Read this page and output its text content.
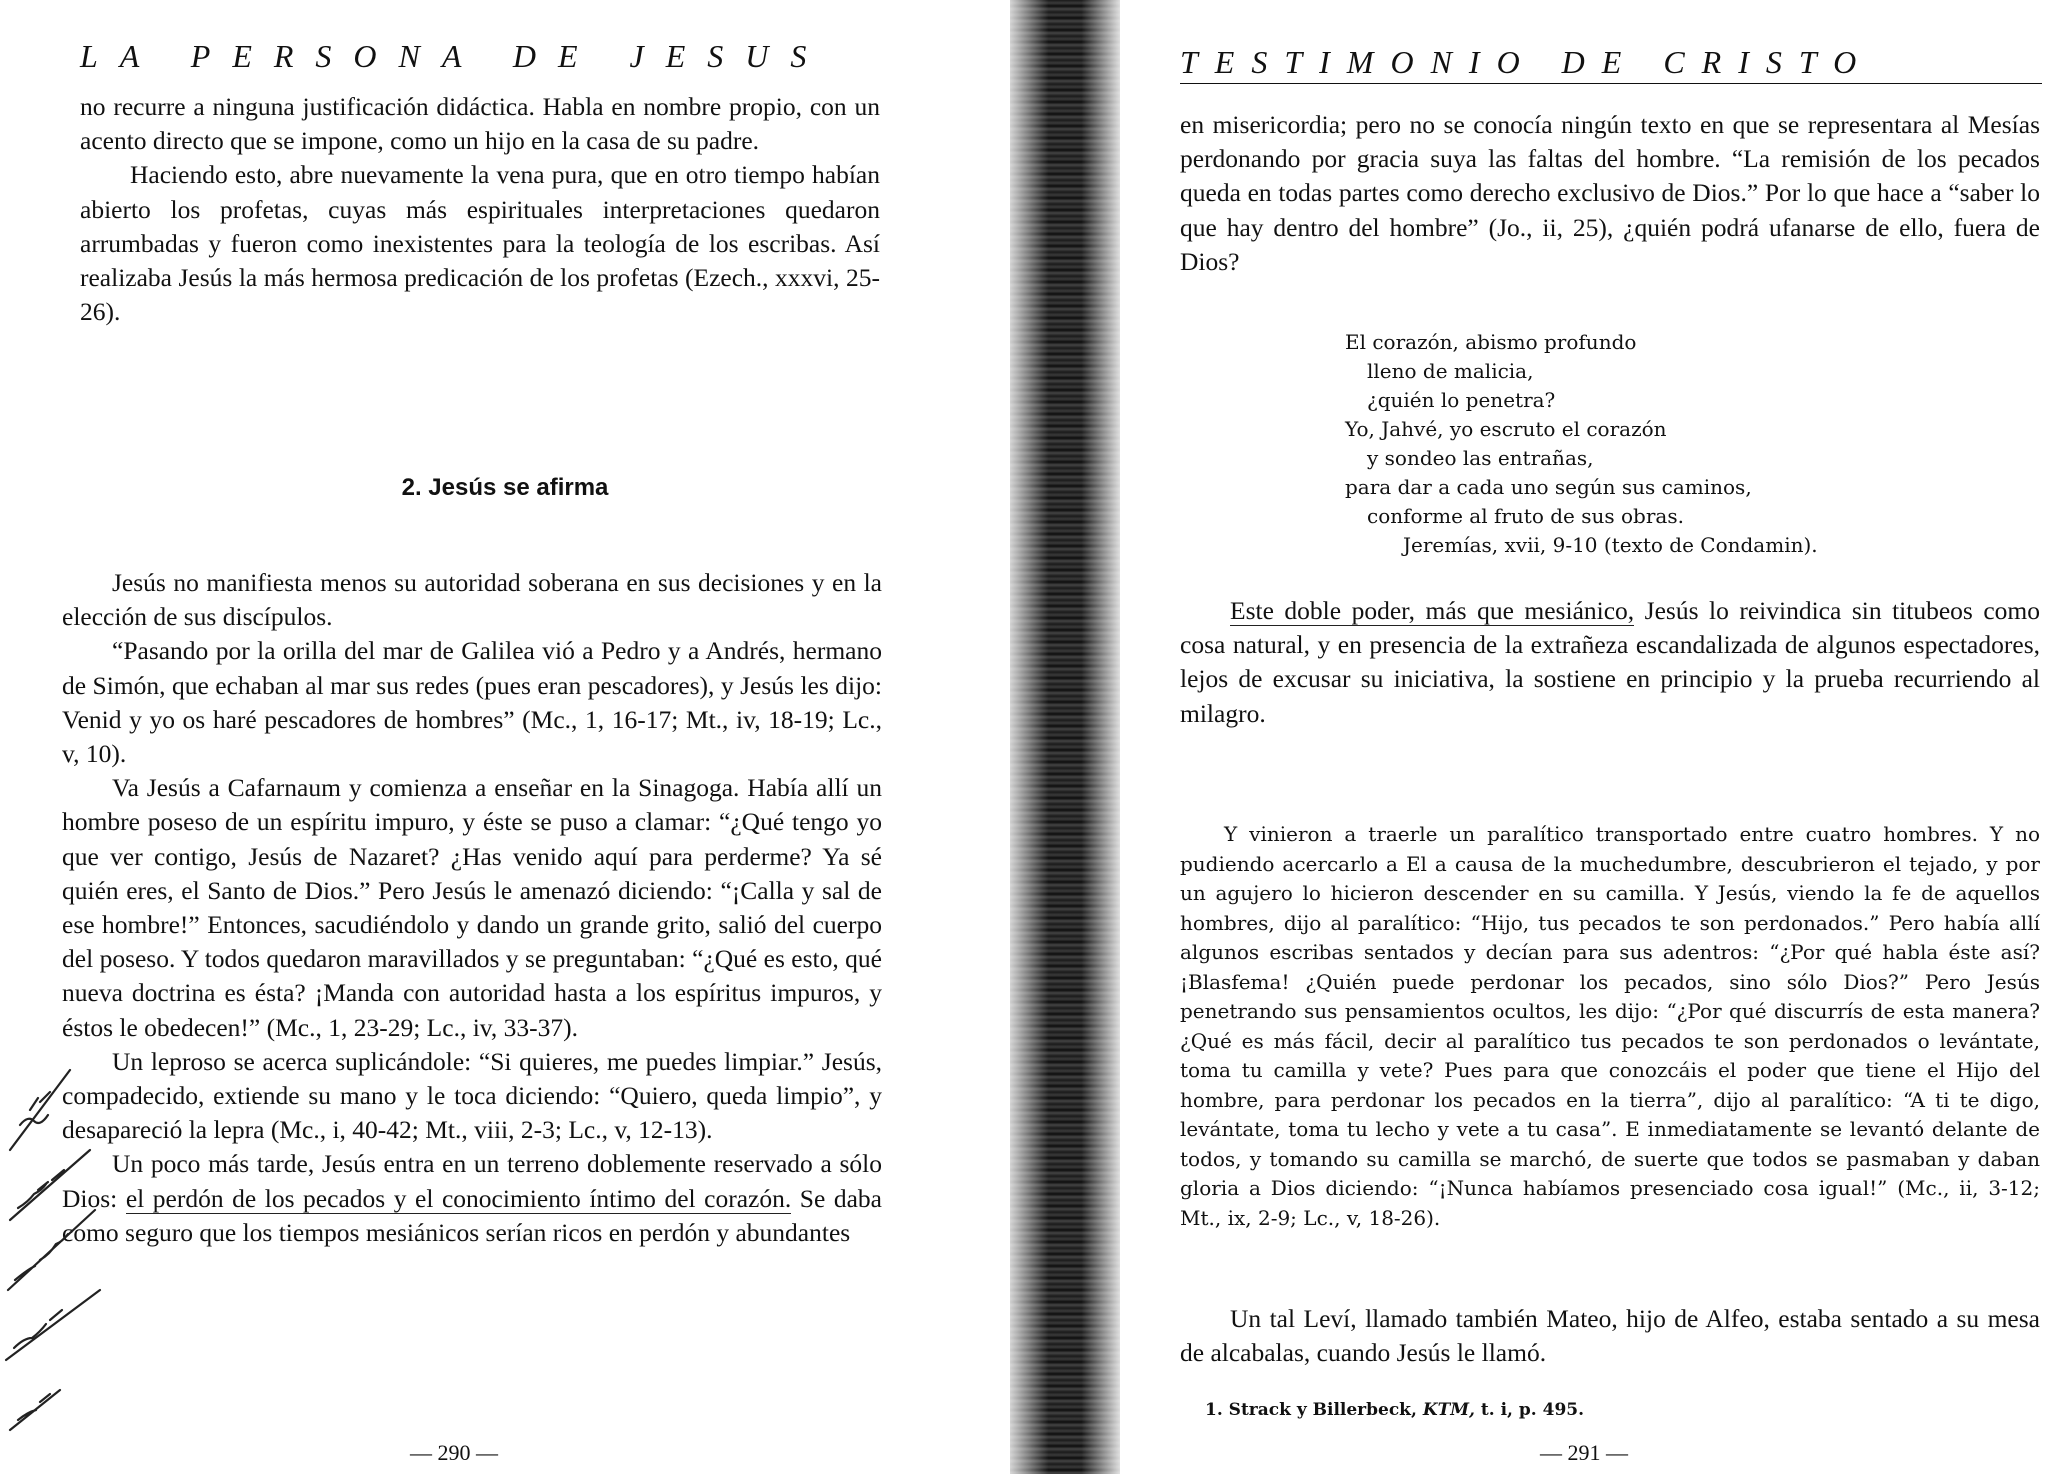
LA PERSONA DE JESUS

no recurre a ninguna justificación didáctica. Habla en nombre propio, con un acento directo que se impone, como un hijo en la casa de su padre.

Haciendo esto, abre nuevamente la vena pura, que en otro tiempo habían abierto los profetas, cuyas más espirituales interpretaciones quedaron arrumbadas y fueron como inexistentes para la teología de los escribas. Así realizaba Jesús la más hermosa predicación de los profetas (Ezech., xxxvi, 25-26).

2. Jesús se afirma

Jesús no manifiesta menos su autoridad soberana en sus decisiones y en la elección de sus discípulos.

“Pasando por la orilla del mar de Galilea vió a Pedro y a Andrés, hermano de Simón, que echaban al mar sus redes (pues eran pescadores), y Jesús les dijo: Venid y yo os haré pescadores de hombres” (Mc., 1, 16-17; Mt., iv, 18-19; Lc., v, 10).

Va Jesús a Cafarnaum y comienza a enseñar en la Sinagoga. Había allí un hombre poseso de un espíritu impuro, y éste se puso a clamar: “¿Qué tengo yo que ver contigo, Jesús de Nazaret? ¿Has venido aquí para perderme? Ya sé quién eres, el Santo de Dios.” Pero Jesús le amenazó diciendo: “¡Calla y sal de ese hombre!” Entonces, sacudiéndolo y dando un grande grito, salió del cuerpo del poseso. Y todos quedaron maravillados y se preguntaban: “¿Qué es esto, qué nueva doctrina es ésta? ¡Manda con autoridad hasta a los espíritus impuros, y éstos le obedecen!” (Mc., 1, 23-29; Lc., iv, 33-37).

Un leproso se acerca suplicándole: “Si quieres, me puedes limpiar.” Jesús, compadecido, extiende su mano y le toca diciendo: “Quiero, queda limpio”, y desapareció la lepra (Mc., i, 40-42; Mt., viii, 2-3; Lc., v, 12-13).

Un poco más tarde, Jesús entra en un terreno doblemente reservado a sólo Dios: el perdón de los pecados y el conocimiento íntimo del corazón. Se daba como seguro que los tiempos mesiánicos serían ricos en perdón y abundantes

— 290 —
TESTIMONIO DE CRISTO

en misericordia; pero no se conocía ningún texto en que se representara al Mesías perdonando por gracia suya las faltas del hombre. “La remisión de los pecados queda en todas partes como derecho exclusivo de Dios.” Por lo que hace a “saber lo que hay dentro del hombre” (Jo., ii, 25), ¿quién podrá ufanarse de ello, fuera de Dios?

El corazón, abismo profundo
lleno de malicia,
¿quién lo penetra?
Yo, Jahvé, yo escruto el corazón
y sondeo las entrañas,
para dar a cada uno según sus caminos,
conforme al fruto de sus obras.
Jeremías, xvii, 9-10 (texto de Condamin).

Este doble poder, más que mesiánico, Jesús lo reivindica sin titubeos como cosa natural, y en presencia de la extrañeza escandalizada de algunos espectadores, lejos de excusar su iniciativa, la sostiene en principio y la prueba recurriendo al milagro.

Y vinieron a traerle un paralítico transportado entre cuatro hombres. Y no pudiendo acercarlo a El a causa de la muchedumbre, descubrieron el tejado, y por un agujero lo hicieron descender en su camilla. Y Jesús, viendo la fe de aquellos hombres, dijo al paralítico: “Hijo, tus pecados te son perdonados.” Pero había allí algunos escribas sentados y decían para sus adentros: “¿Por qué habla éste así? ¡Blasfema! ¿Quién puede perdonar los pecados, sino sólo Dios?” Pero Jesús penetrando sus pensamientos ocultos, les dijo: “¿Por qué discurrís de esta manera? ¿Qué es más fácil, decir al paralítico tus pecados te son perdonados o levántate, toma tu camilla y vete? Pues para que conozcáis el poder que tiene el Hijo del hombre, para perdonar los pecados en la tierra”, dijo al paralítico: “A ti te digo, levántate, toma tu lecho y vete a tu casa”. E inmediatamente se levantó delante de todos, y tomando su camilla se marchó, de suerte que todos se pasmaban y daban gloria a Dios diciendo: “¡Nunca habíamos presenciado cosa igual!” (Mc., ii, 3-12; Mt., ix, 2-9; Lc., v, 18-26).

Un tal Leví, llamado también Mateo, hijo de Alfeo, estaba sentado a su mesa de alcabalas, cuando Jesús le llamó.

1. Strack y Billerbeck, KTM, t. i, p. 495.
— 291 —
